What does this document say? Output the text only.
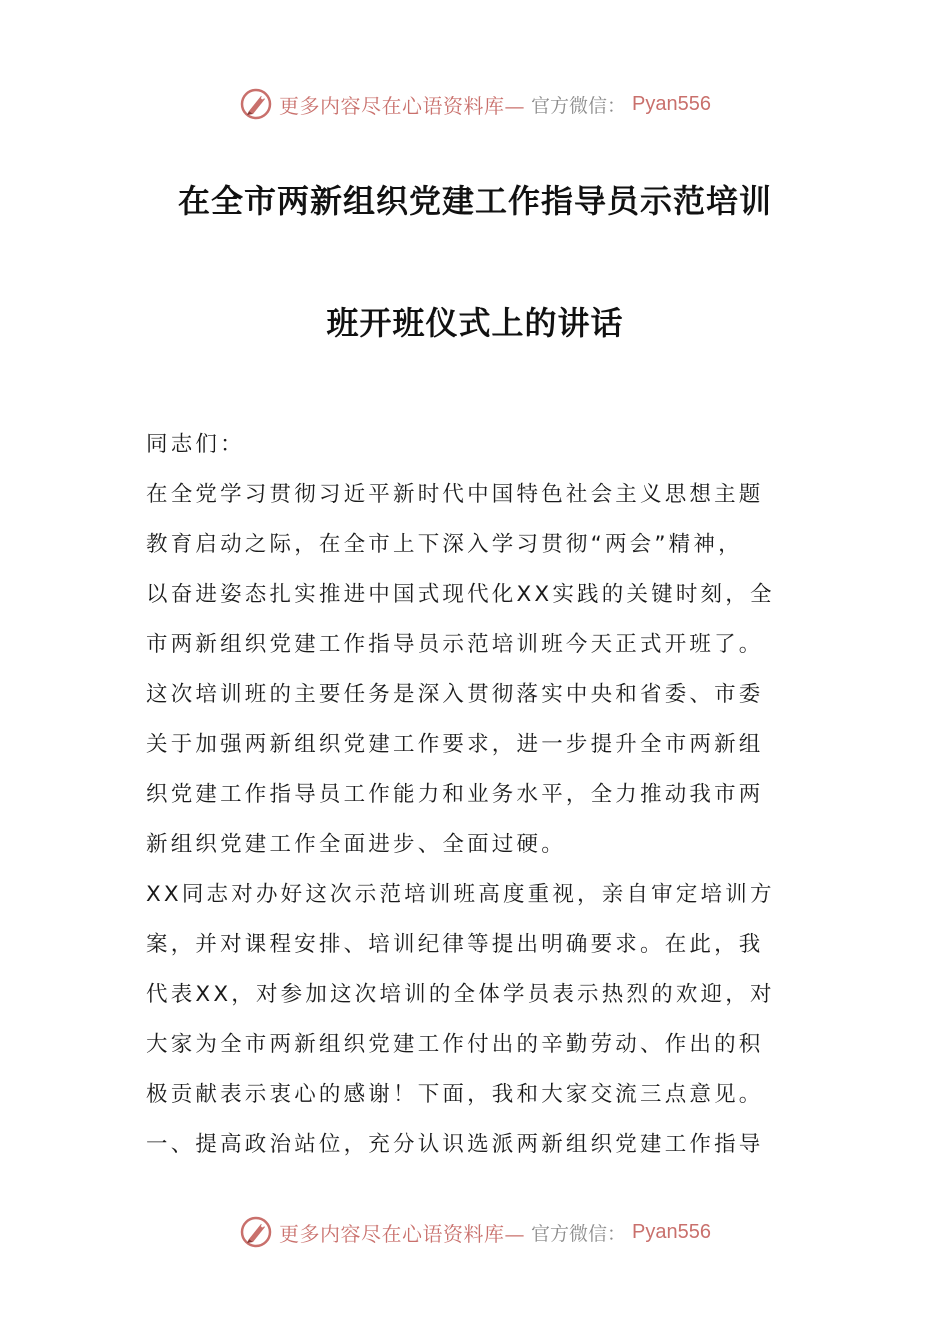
更多内容尽在心语资料库— 官方微信： Pyan556
在全市两新组织党建工作指导员示范培训
班开班仪式上的讲话
同志们：
在全党学习贯彻习近平新时代中国特色社会主义思想主题
教育启动之际，在全市上下深入学习贯彻“两会”精神，
以奋进姿态扎实推进中国式现代化XX实践的关键时刻，全
市两新组织党建工作指导员示范培训班今天正式开班了。
这次培训班的主要任务是深入贯彻落实中央和省委、市委
关于加强两新组织党建工作要求，进一步提升全市两新组
织党建工作指导员工作能力和业务水平，全力推动我市两
新组织党建工作全面进步、全面过硬。
XX同志对办好这次示范培训班高度重视，亲自审定培训方
案，并对课程安排、培训纪律等提出明确要求。在此，我
代表XX，对参加这次培训的全体学员表示热烈的欢迎，对
大家为全市两新组织党建工作付出的辛勤劳动、作出的积
极贡献表示衷心的感谢！下面，我和大家交流三点意见。
一、提高政治站位，充分认识选派两新组织党建工作指导
更多内容尽在心语资料库— 官方微信： Pyan556
